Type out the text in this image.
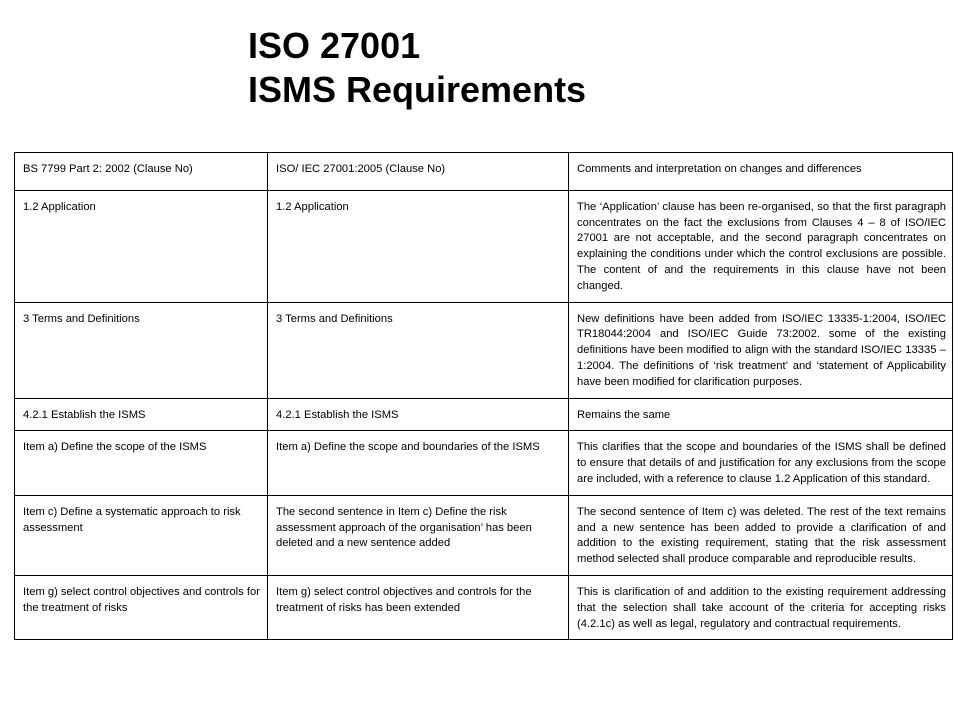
ISO 27001
ISMS Requirements
BS 7799 Part 2: 2002 (Clause No)	ISO/ IEC 27001:2005 (Clause No)	Comments and interpretation on changes and differences
1.2 Application	1.2 Application	The ‘Application’ clause has been re-organised, so that the first paragraph concentrates on the fact the exclusions from Clauses 4 – 8 of ISO/IEC 27001 are not acceptable, and the second paragraph concentrates on explaining the conditions under which the control exclusions are possible. The content of and the requirements in this clause have not been changed.
3 Terms and Definitions	3 Terms and Definitions	New definitions have been added from ISO/IEC 13335-1:2004, ISO/IEC TR18044:2004 and ISO/IEC Guide 73:2002. some of the existing definitions have been modified to align with the standard ISO/IEC 13335 – 1:2004. The definitions of ‘risk treatment’ and ‘statement of Applicability have been modified for clarification purposes.
4.2.1 Establish the ISMS	4.2.1 Establish the ISMS	Remains the same
Item a) Define the scope of the ISMS	Item a) Define the scope and boundaries of the ISMS	This clarifies that the scope and boundaries of the ISMS shall be defined to ensure that details of and justification for any exclusions from the scope are included, with a reference to clause 1.2 Application of this standard.
Item c) Define a systematic approach to risk assessment	The second sentence in Item c) Define the risk assessment approach of the organisation’ has been deleted and a new sentence added	The second sentence of Item c) was deleted. The rest of the text remains and a new sentence has been added to provide a clarification of and addition to the existing requirement, stating that the risk assessment method selected shall produce comparable and reproducible results.
Item g) select control objectives and controls for the treatment of risks	Item g) select control objectives and controls for the treatment of risks has been extended	This is clarification of and addition to the existing requirement addressing that the selection shall take account of the criteria for accepting risks (4.2.1c) as well as legal, regulatory and contractual requirements.
